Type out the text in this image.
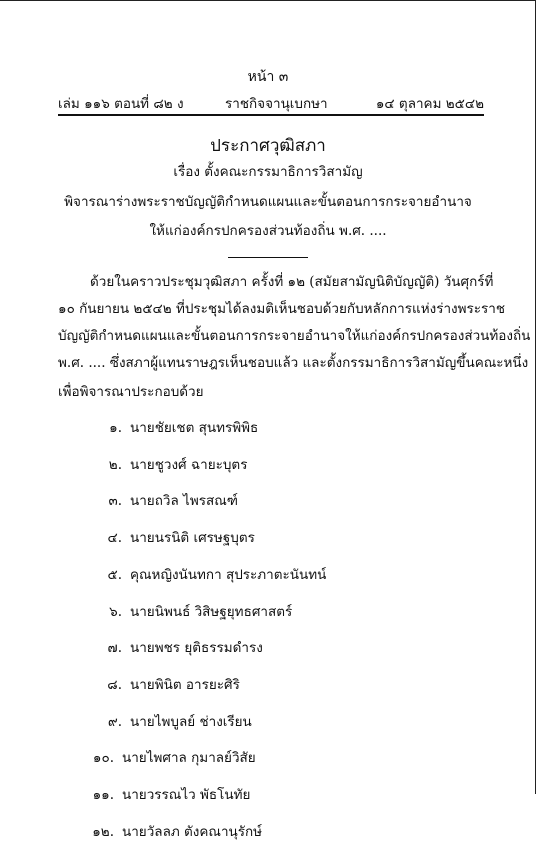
หน้า ๓
เล่ม ๑๑๖ ตอนที่ ๘๒ ง	ราชกิจจานุเบกษา	๑๔ ตุลาคม ๒๕๔๒
ประกาศวุฒิสภา
เรื่อง ตั้งคณะกรรมาธิการวิสามัญ
พิจารณาร่างพระราชบัญญัติกำหนดแผนและขั้นตอนการกระจายอำนาจ
ให้แก่องค์กรปกครองส่วนท้องถิ่น พ.ศ. ....
ด้วยในคราวประชุมวุฒิสภา ครั้งที่ ๑๒ (สมัยสามัญนิติบัญญัติ) วันศุกร์ที่
๑๐ กันยายน ๒๕๔๒ ที่ประชุมได้ลงมติเห็นชอบด้วยกับหลักการแห่งร่างพระราช
บัญญัติกำหนดแผนและขั้นตอนการกระจายอำนาจให้แก่องค์กรปกครองส่วนท้องถิ่น
พ.ศ. .... ซึ่งสภาผู้แทนราษฎรเห็นชอบแล้ว และตั้งกรรมาธิการวิสามัญขึ้นคณะหนึ่ง
เพื่อพิจารณาประกอบด้วย
๑. นายชัยเชต สุนทรพิพิธ
๒. นายชูวงศ์ ฉายะบุตร
๓. นายถวิล ไพรสณฑ์
๔. นายนรนิติ เศรษฐบุตร
๕. คุณหญิงนันทกา สุประภาตะนันทน์
๖. นายนิพนธ์ วิสิษฐยุทธศาสตร์
๗. นายพชร ยุติธรรมดำรง
๘. นายพินิต อารยะศิริ
๙. นายไพบูลย์ ช่างเรียน
๑๐. นายไพศาล กุมาลย์วิสัย
๑๑. นายวรรณไว พัธโนทัย
๑๒. นายวัลลภ ตังคณานุรักษ์
